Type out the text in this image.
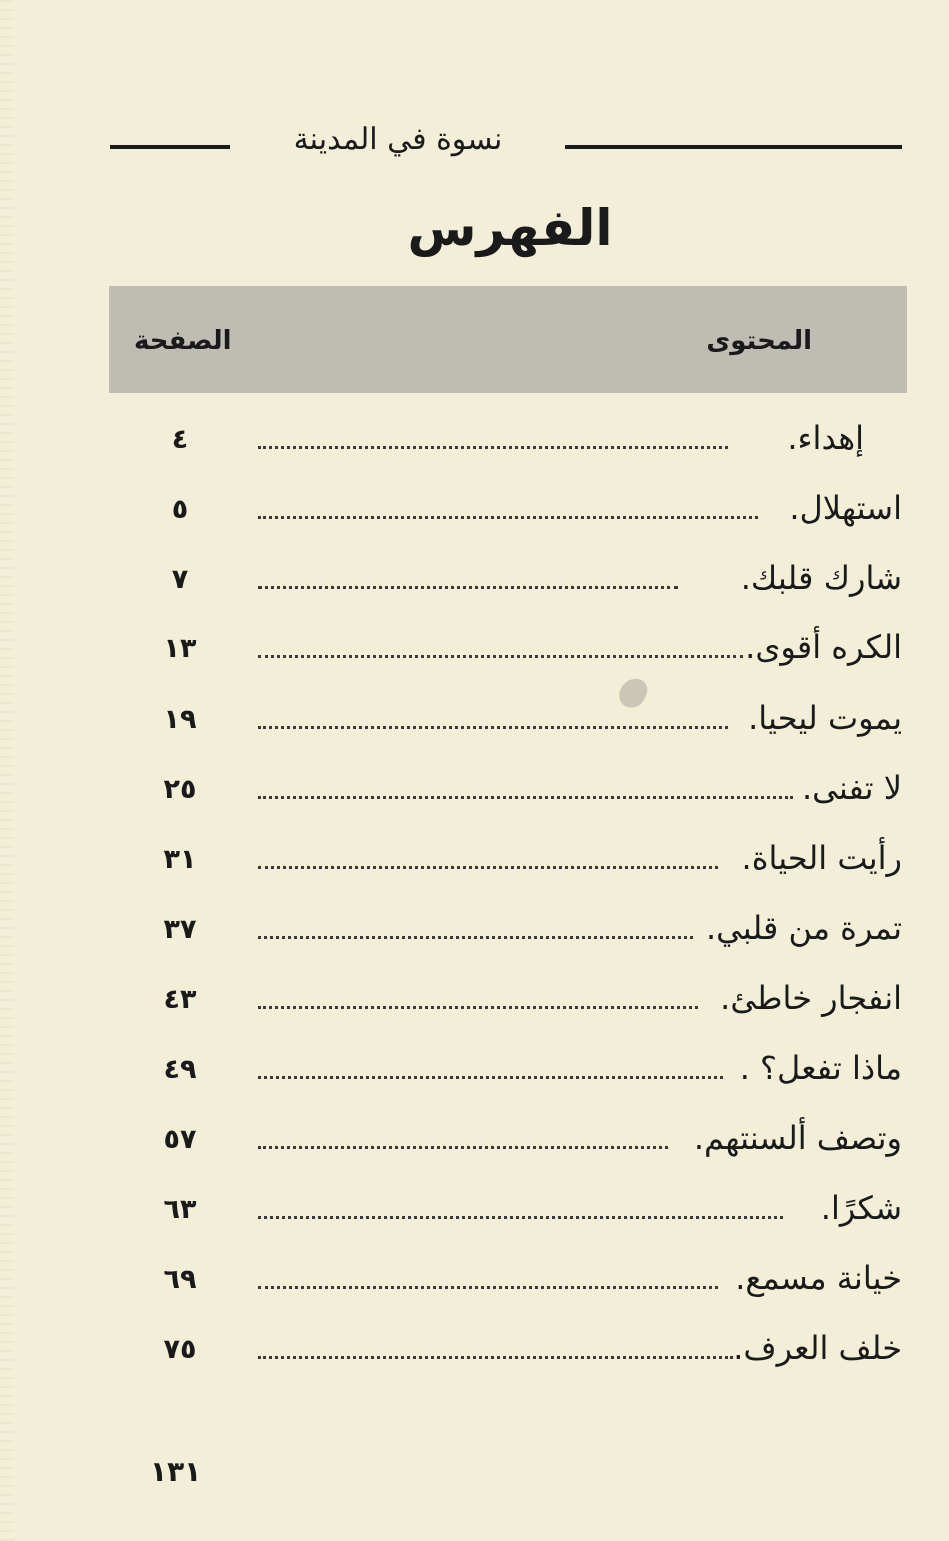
نسوة في المدينة
الفهرس
المحتوى
الصفحة
إهداء.
٤
استهلال.
٥
شارك قلبك.
٧
الكره أقوى.
١٣
يموت ليحيا.
١٩
لا تفنى.
٢٥
رأيت الحياة.
٣١
تمرة من قلبي.
٣٧
انفجار خاطئ.
٤٣
ماذا تفعل؟ .
٤٩
وتصف ألسنتهم.
٥٧
شكرًا.
٦٣
خيانة مسمع.
٦٩
خلف العرف.
٧٥
١٣١
